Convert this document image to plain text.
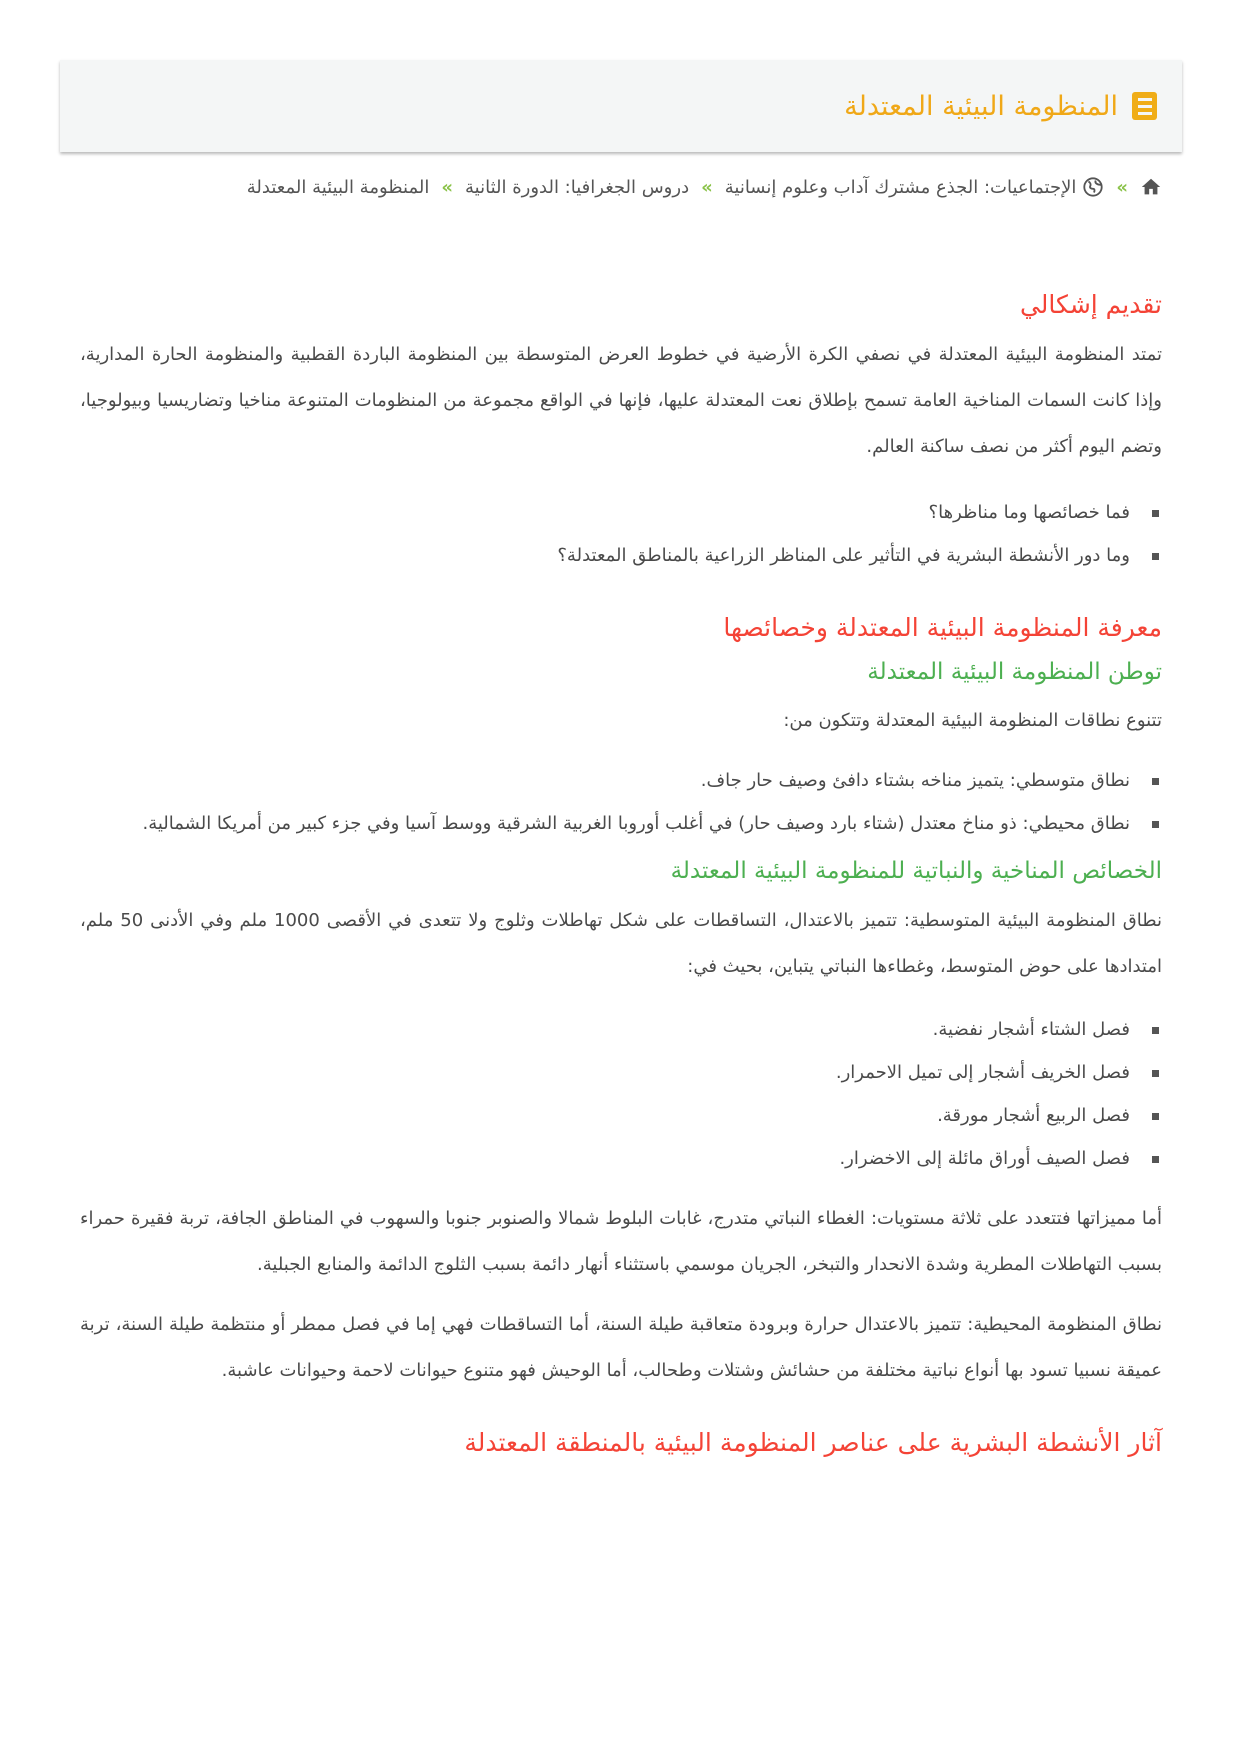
المنظومة البيئية المعتدلة
»
الإجتماعيات: الجذع مشترك آداب وعلوم إنسانية
»
دروس الجغرافيا: الدورة الثانية
»
المنظومة البيئية المعتدلة
تقديم إشكالي

تمتد المنظومة البيئية المعتدلة في نصفي الكرة الأرضية في خطوط العرض المتوسطة بين المنظومة الباردة القطبية والمنظومة الحارة المدارية، وإذا كانت السمات المناخية العامة تسمح بإطلاق نعت المعتدلة عليها، فإنها في الواقع مجموعة من المنظومات المتنوعة مناخيا وتضاريسيا وبيولوجيا، وتضم اليوم أكثر من نصف ساكنة العالم.

فما خصائصها وما مناظرها؟
وما دور الأنشطة البشرية في التأثير على المناظر الزراعية بالمناطق المعتدلة؟
معرفة المنظومة البيئية المعتدلة وخصائصها
توطن المنظومة البيئية المعتدلة

تتنوع نطاقات المنظومة البيئية المعتدلة وتتكون من:

نطاق متوسطي: يتميز مناخه بشتاء دافئ وصيف حار جاف.
نطاق محيطي: ذو مناخ معتدل (شتاء بارد وصيف حار) في أغلب أوروبا الغربية الشرقية ووسط آسيا وفي جزء كبير من أمريكا الشمالية.
الخصائص المناخية والنباتية للمنظومة البيئية المعتدلة

نطاق المنظومة البيئية المتوسطية: تتميز بالاعتدال، التساقطات على شكل تهاطلات وثلوج ولا تتعدى في الأقصى 1000 ملم وفي الأدنى 50 ملم، امتدادها على حوض المتوسط، وغطاءها النباتي يتباين، بحيث في:

فصل الشتاء أشجار نفضية.
فصل الخريف أشجار إلى تميل الاحمرار.
فصل الربيع أشجار مورقة.
فصل الصيف أوراق مائلة إلى الاخضرار.

أما مميزاتها فتتعدد على ثلاثة مستويات: الغطاء النباتي متدرج، غابات البلوط شمالا والصنوبر جنوبا والسهوب في المناطق الجافة، تربة فقيرة حمراء بسبب التهاطلات المطرية وشدة الانحدار والتبخر، الجريان موسمي باستثناء أنهار دائمة بسبب الثلوج الدائمة والمنابع الجبلية.

نطاق المنظومة المحيطية: تتميز بالاعتدال حرارة وبرودة متعاقبة طيلة السنة، أما التساقطات فهي إما في فصل ممطر أو منتظمة طيلة السنة، تربة عميقة نسبيا تسود بها أنواع نباتية مختلفة من حشائش وشتلات وطحالب، أما الوحيش فهو متنوع حيوانات لاحمة وحيوانات عاشبة.

آثار الأنشطة البشرية على عناصر المنظومة البيئية بالمنطقة المعتدلة
